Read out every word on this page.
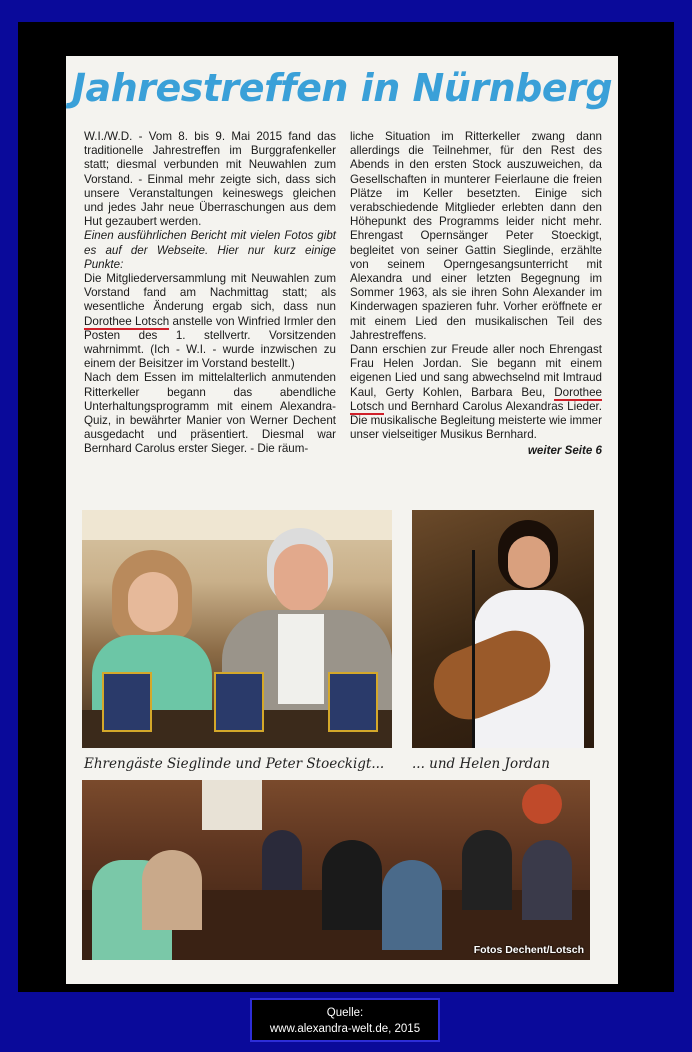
Jahrestreffen in Nürnberg

W.I./W.D. - Vom 8. bis 9. Mai 2015 fand das traditionelle Jahrestreffen im Burggrafenkeller statt; diesmal verbunden mit Neuwahlen zum Vorstand. - Einmal mehr zeigte sich, dass sich unsere Veranstaltungen keineswegs gleichen und jedes Jahr neue Überraschungen aus dem Hut gezaubert werden.

Einen ausführlichen Bericht mit vielen Fotos gibt es auf der Webseite. Hier nur kurz einige Punkte:

Die Mitgliederversammlung mit Neuwahlen zum Vorstand fand am Nachmittag statt; als wesentliche Änderung ergab sich, dass nun Dorothee Lotsch anstelle von Winfried Irmler den Posten des 1. stellvertr. Vorsitzenden wahrnimmt. (Ich - W.I. - wurde inzwischen zu einem der Beisitzer im Vorstand bestellt.)

Nach dem Essen im mittelalterlich anmutenden Ritterkeller begann das abendliche Unterhaltungsprogramm mit einem Alexandra-Quiz, in bewährter Manier von Werner Dechent ausgedacht und präsentiert. Diesmal war Bernhard Carolus erster Sieger. - Die räum-

liche Situation im Ritterkeller zwang dann allerdings die Teilnehmer, für den Rest des Abends in den ersten Stock auszuweichen, da Gesellschaften in munterer Feierlaune die freien Plätze im Keller besetzten. Einige sich verabschiedende Mitglieder erlebten dann den Höhepunkt des Programms leider nicht mehr. Ehrengast Opernsänger Peter Stoeckigt, begleitet von seiner Gattin Sieglinde, erzählte von seinem Operngesangsunterricht mit Alexandra und einer letzten Begegnung im Sommer 1963, als sie ihren Sohn Alexander im Kinderwagen spazieren fuhr. Vorher eröffnete er mit einem Lied den musikalischen Teil des Jahrestreffens.

Dann erschien zur Freude aller noch Ehrengast Frau Helen Jordan. Sie begann mit einem eigenen Lied und sang abwechselnd mit Imtraud Kaul, Gerty Kohlen, Barbara Beu, Dorothee Lotsch und Bernhard Carolus Alexandras Lieder. Die musikalische Begleitung meisterte wie immer unser vielseitiger Musikus Bernhard.

weiter Seite 6

Ehrengäste Sieglinde und Peter Stoeckigt... ... und Helen Jordan
Fotos Dechent/Lotsch
Quelle:
www.alexandra-welt.de, 2015
